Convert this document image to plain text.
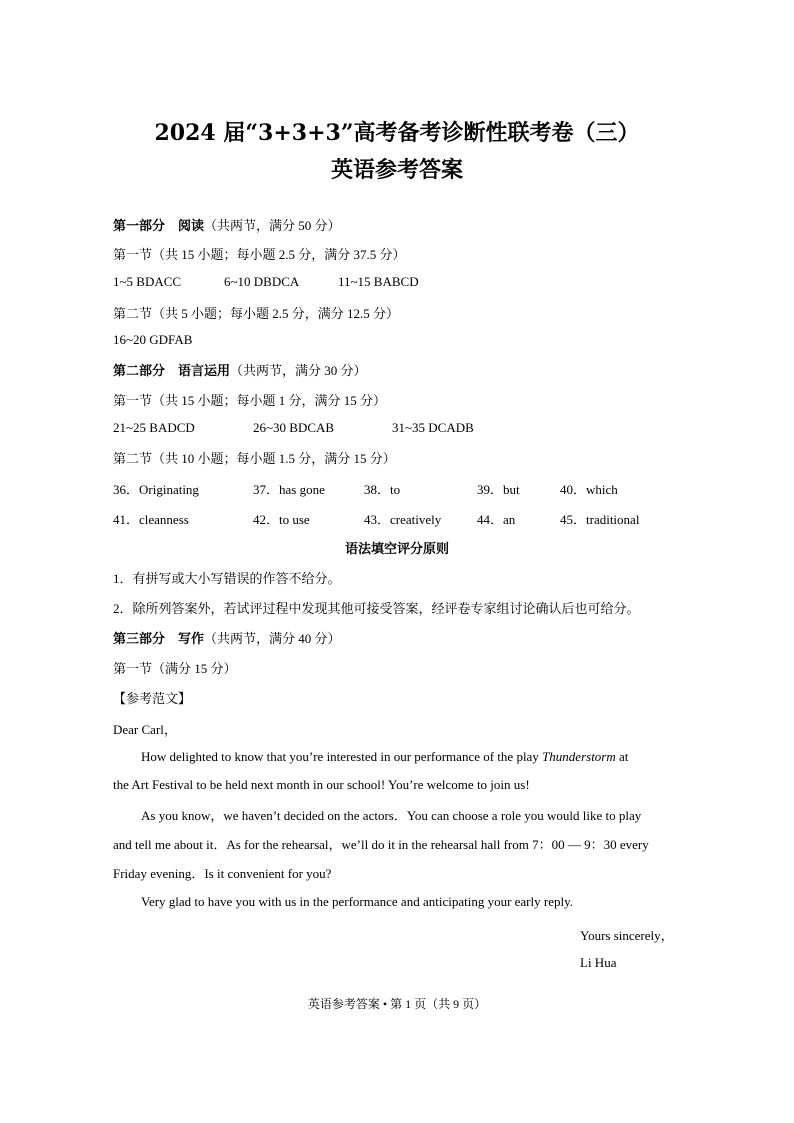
2024 届“3+3+3”高考备考诊断性联考卷（三）
英语参考答案
第一部分　阅读（共两节，满分 50 分）
第一节（共 15 小题；每小题 2.5 分，满分 37.5 分）
1~5 BDACC	6~10 DBDCA	11~15 BABCD
第二节（共 5 小题；每小题 2.5 分，满分 12.5 分）
16~20 GDFAB
第二部分　语言运用（共两节，满分 30 分）
第一节（共 15 小题；每小题 1 分，满分 15 分）
21~25 BADCD	26~30 BDCAB	31~35 DCADB
第二节（共 10 小题；每小题 1.5 分，满分 15 分）
36．Originating	37．has gone	38．to	39．but	40．which
41．cleanness	42．to use	43．creatively	44．an	45．traditional
语法填空评分原则
1．有拼写或大小写错误的作答不给分。
2．除所列答案外，若试评过程中发现其他可接受答案，经评卷专家组讨论确认后也可给分。
第三部分　写作（共两节，满分 40 分）
第一节（满分 15 分）
【参考范文】
Dear Carl，
How delighted to know that you’re interested in our performance of the play Thunderstorm at
the Art Festival to be held next month in our school! You’re welcome to join us!
As you know，we haven’t decided on the actors．You can choose a role you would like to play
and tell me about it．As for the rehearsal，we’ll do it in the rehearsal hall from 7：00 — 9：30 every
Friday evening．Is it convenient for you?
Very glad to have you with us in the performance and anticipating your early reply.
Yours sincerely，
Li Hua
英语参考答案 • 第 1 页（共 9 页）
